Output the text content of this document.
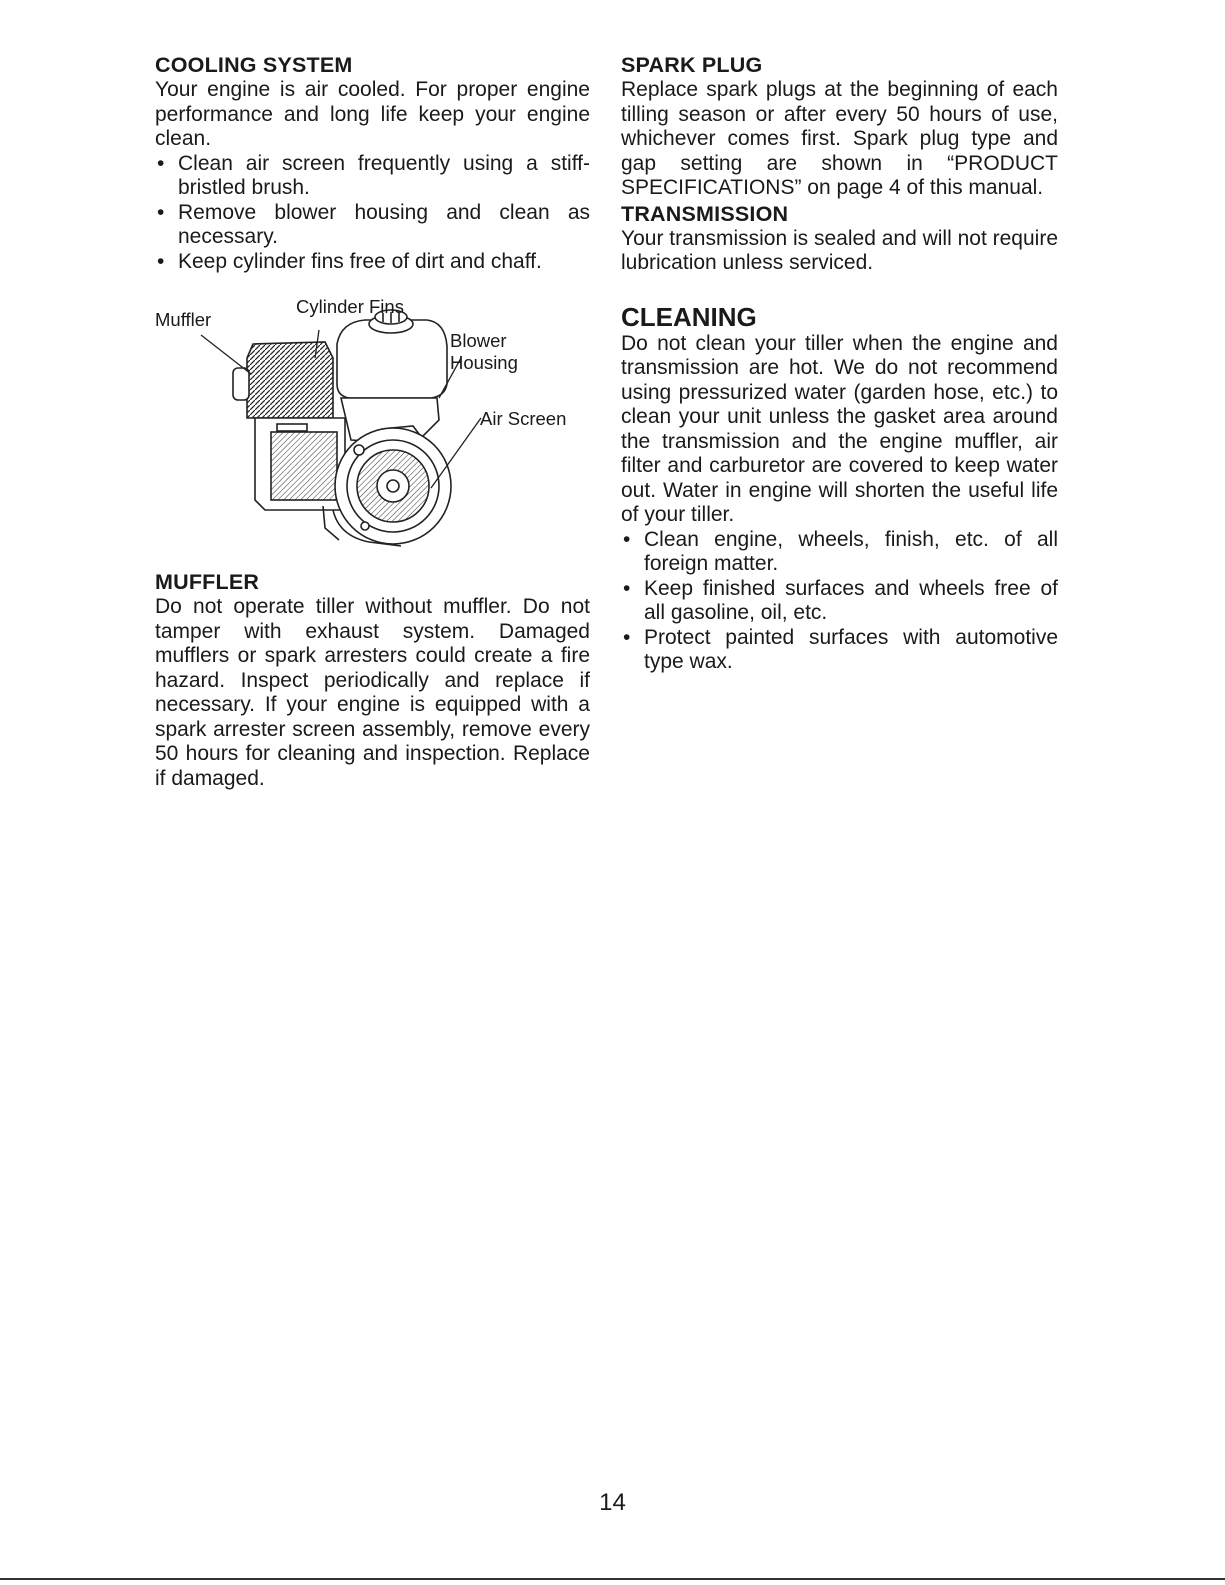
COOLING SYSTEM

Your engine is air cooled. For proper engine performance and long life keep your engine clean.

• Clean air screen frequently using a stiff-bristled brush.
• Remove blower housing and clean as necessary.
• Keep cylinder fins free of dirt and chaff.
Muffler
Cylinder Fins
Blower
Housing
Air Screen
MUFFLER

Do not operate tiller without muffler. Do not tamper with exhaust system. Damaged mufflers or spark arresters could create a fire hazard. Inspect periodically and replace if necessary. If your engine is equipped with a spark arrester screen assembly, remove every 50 hours for cleaning and inspection. Replace if damaged.

SPARK PLUG

Replace spark plugs at the beginning of each tilling season or after every 50 hours of use, whichever comes first. Spark plug type and gap setting are shown in “PRODUCT SPECIFICATIONS” on page 4 of this manual.

TRANSMISSION

Your transmission is sealed and will not require lubrication unless serviced.

CLEANING

Do not clean your tiller when the engine and transmission are hot. We do not recommend using pressurized water (garden hose, etc.) to clean your unit unless the gasket area around the transmission and the engine muffler, air filter and carburetor are covered to keep water out. Water in engine will shorten the useful life of your tiller.

• Clean engine, wheels, finish, etc. of all foreign matter.
• Keep finished surfaces and wheels free of all gasoline, oil, etc.
• Protect painted surfaces with automotive type wax.
14
